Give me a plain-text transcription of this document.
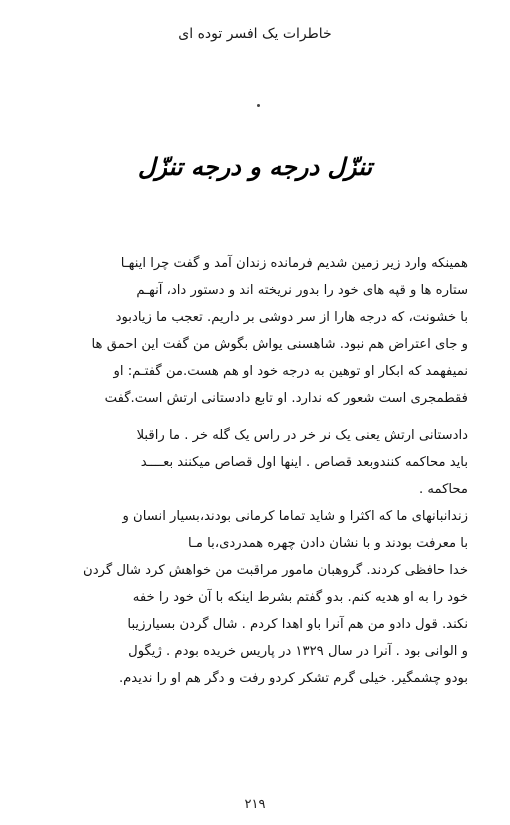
خاطرات یک افسر توده ای
تنزّل درجه و درجه تنزّل
همینکه وارد زیر زمین شدیم فرمانده زندان آمد و گفت چرا اینهـا
ستاره ها و قپه های خود را بدور نریخته اند و دستور داد، آنهـم
با خشونت، که درجه هارا از سر دوشی بر داریم. تعجب ما زیادبود
و جای اعتراض هم نبود. شاهسنی یواش بگوش من گفت این احمق ها
نمیفهمد که ابکار او توهین به درجه خود او هم هست.من گفتـم: او
فقطمجری است شعور که ندارد. او تابع دادستانی ارتش است.گفت
دادستانی ارتش یعنی یک نر خر در راس یک گله خر . ما راقبلا
باید محاکمه کنندوبعد قصاص . اینها اول قصاص میکنند بعــــد
محاکمه .
زندانبانهای ما که اکثرا و شاید تماما کرمانی بودند،بسیار انسان و
با معرفت بودند و با نشان دادن چهره همدردی،با مـا
خدا حافظی کردند. گروهبان مامور مراقبت من خواهش کرد شال گردن
خود را به او هدیه کنم. بدو گفتم بشرط اینکه با آن خود را خفه
نکند. قول دادو من هم آنرا باو اهدا کردم . شال گردن بسیارزیبا
و الوانی بود . آنرا در سال ۱۳۲۹ در پاریس خریده بودم . ژیگول
بودو چشمگیر. خیلی گرم تشکر کردو رفت و دگر هم او را ندیدم.
۲۱۹
